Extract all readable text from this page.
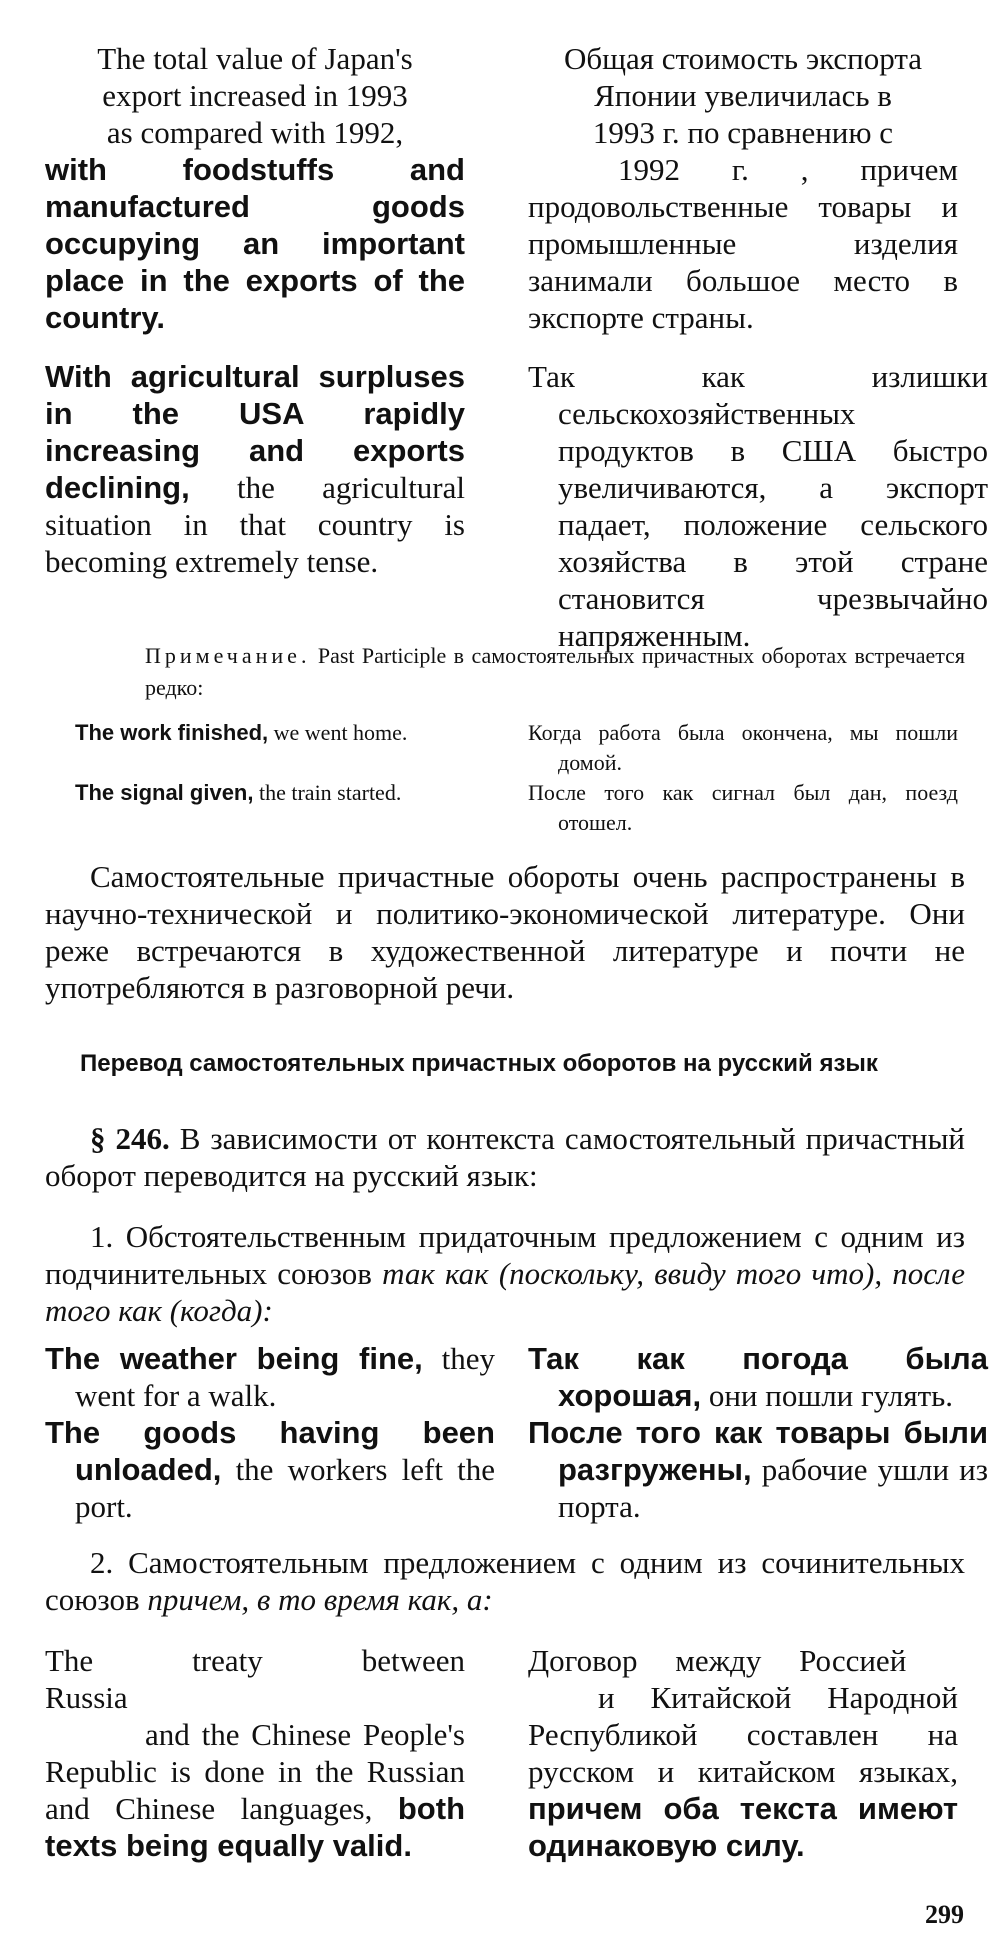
The total value of Japan's
export increased in 1993
as compared with 1992,
with foodstuffs and manufactured goods occupying an important place in the exports of the country.
Общая стоимость экспорта
Японии увеличилась в
1993 г. по сравнению с
1992 г. , причем продовольственные товары и промышленные изделия занимали большое место в экспорте страны.
With agricultural surpluses in the USA rapidly increasing and exports declining, the agricultural situation in that country is becoming extremely tense.
Так как излишки сельскохозяйственных продуктов в США быстро увеличиваются, а экспорт падает, положение сельского хозяйства в этой стране становится чрезвычайно напряженным.
Примечание. Past Participle в самостоятельных причастных оборотах встречается редко:
The work finished, we went home.	Когда работа была окончена, мы пошли домой.
The signal given, the train started.	После того как сигнал был дан, поезд отошел.
Самостоятельные причастные обороты очень распространены в научно-технической и политико-экономической литературе. Они реже встречаются в художественной литературе и почти не употребляются в разговорной речи.
Перевод самостоятельных причастных оборотов на русский язык
§ 246. В зависимости от контекста самостоятельный причастный оборот переводится на русский язык:
1. Обстоятельственным придаточным предложением с одним из подчинительных союзов так как (поскольку, ввиду того что), после того как (когда):
The weather being fine, they went for a walk.
Так как погода была хорошая, они пошли гулять.
The goods having been unloaded, the workers left the port.
После того как товары были разгружены, рабочие ушли из порта.
2. Самостоятельным предложением с одним из сочинительных союзов причем, в то время как, а:
The treaty between Russia
and the Chinese People's Republic is done in the Russian and Chinese languages, both texts being equally valid.
Договор между Россией
и Китайской Народной Республикой составлен на русском и китайском языках, причем оба текста имеют одинаковую силу.
299
